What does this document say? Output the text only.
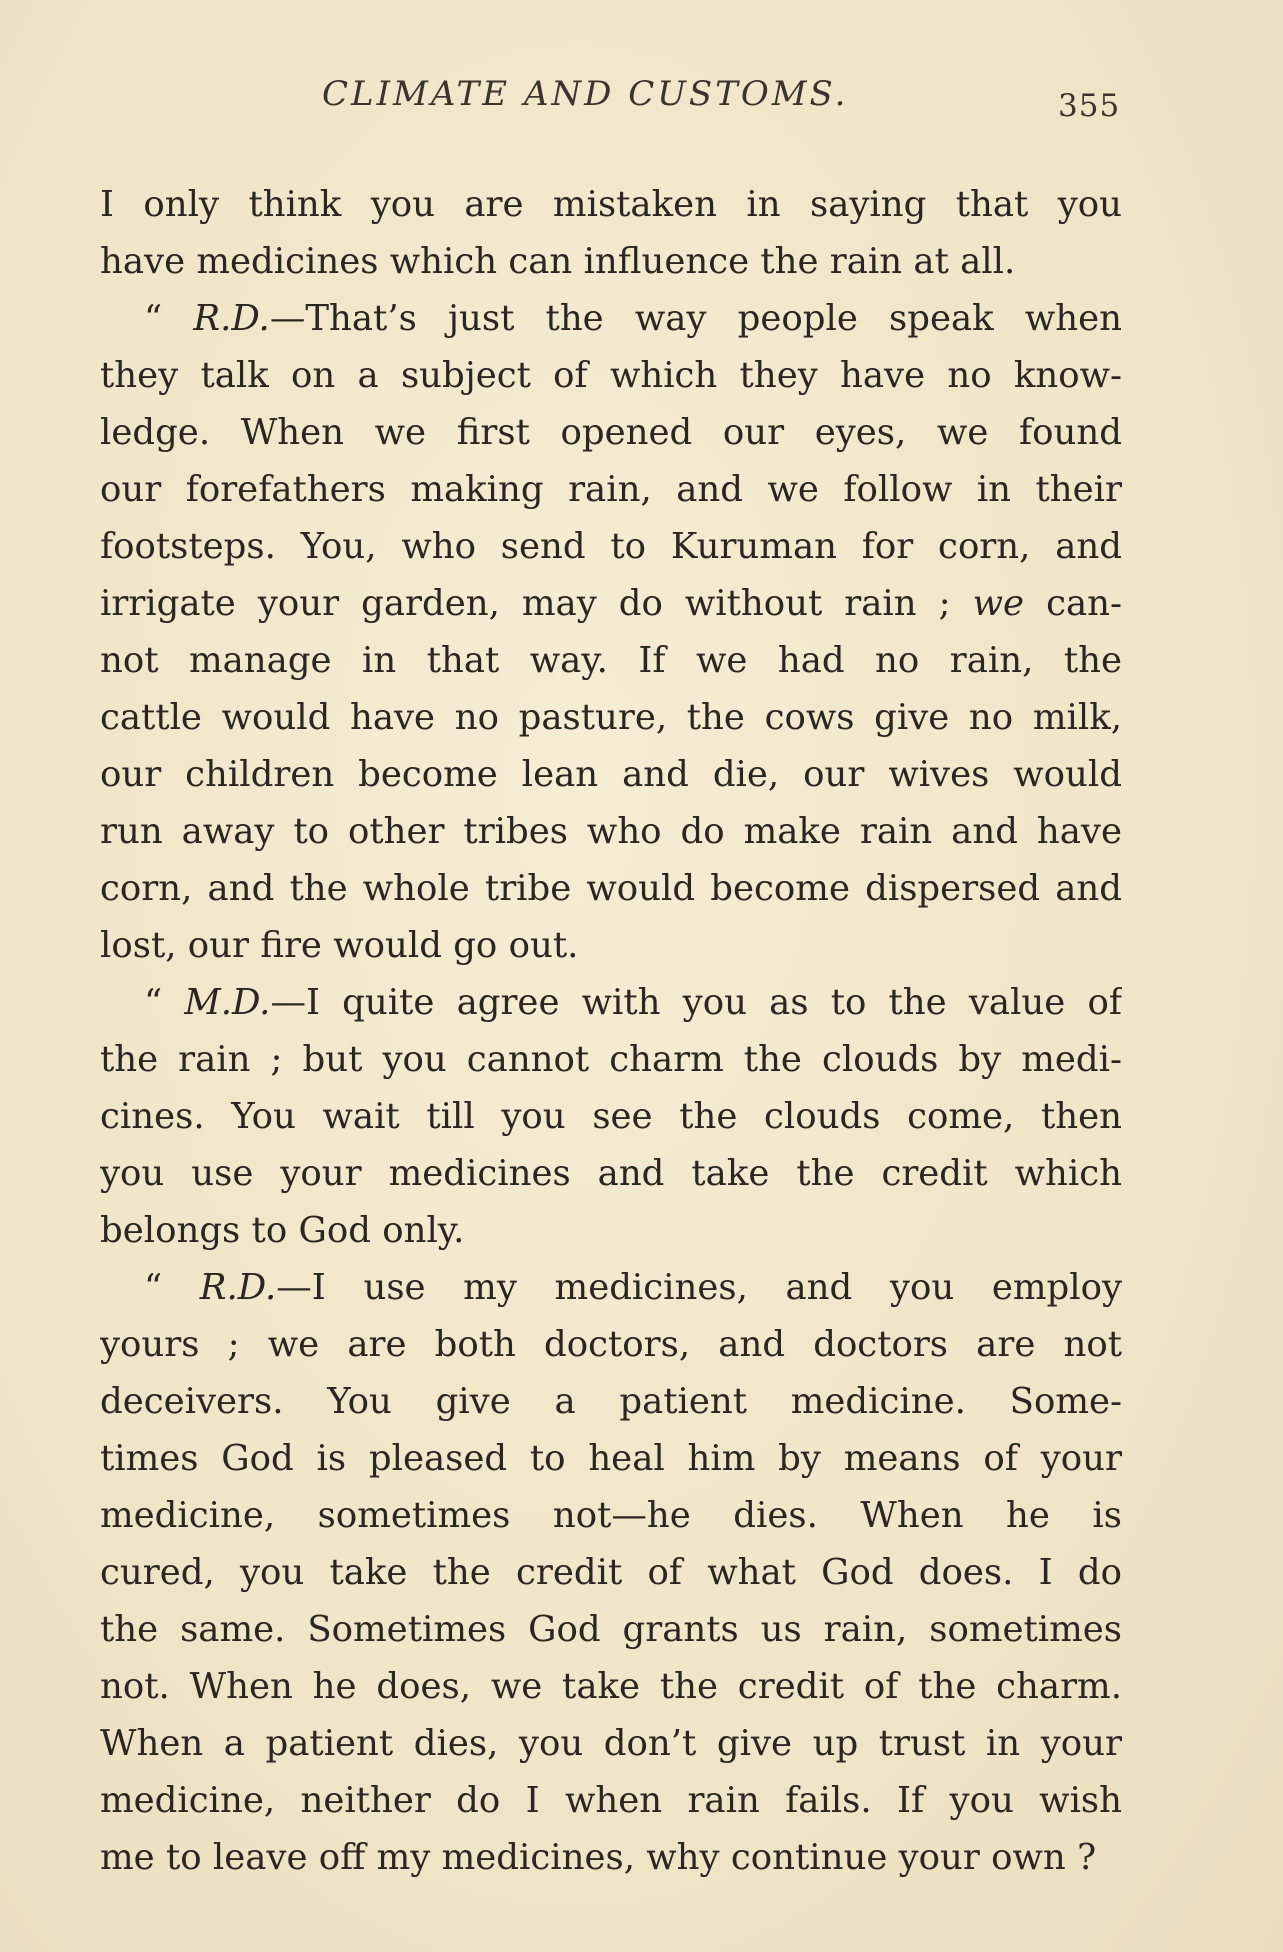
CLIMATE AND CUSTOMS.	355
I only think you are mistaken in saying that you
have medicines which can influence the rain at all.
“ R.D.—That’s just the way people speak when
they talk on a subject of which they have no know-
ledge. When we first opened our eyes, we found
our forefathers making rain, and we follow in their
footsteps. You, who send to Kuruman for corn, and
irrigate your garden, may do without rain ; we can-
not manage in that way. If we had no rain, the
cattle would have no pasture, the cows give no milk,
our children become lean and die, our wives would
run away to other tribes who do make rain and have
corn, and the whole tribe would become dispersed and
lost, our fire would go out.
“ M.D.—I quite agree with you as to the value of
the rain ; but you cannot charm the clouds by medi-
cines. You wait till you see the clouds come, then
you use your medicines and take the credit which
belongs to God only.
“ R.D.—I use my medicines, and you employ
yours ; we are both doctors, and doctors are not
deceivers. You give a patient medicine. Some-
times God is pleased to heal him by means of your
medicine, sometimes not—he dies. When he is
cured, you take the credit of what God does. I do
the same. Sometimes God grants us rain, sometimes
not. When he does, we take the credit of the charm.
When a patient dies, you don’t give up trust in your
medicine, neither do I when rain fails. If you wish
me to leave off my medicines, why continue your own ?
